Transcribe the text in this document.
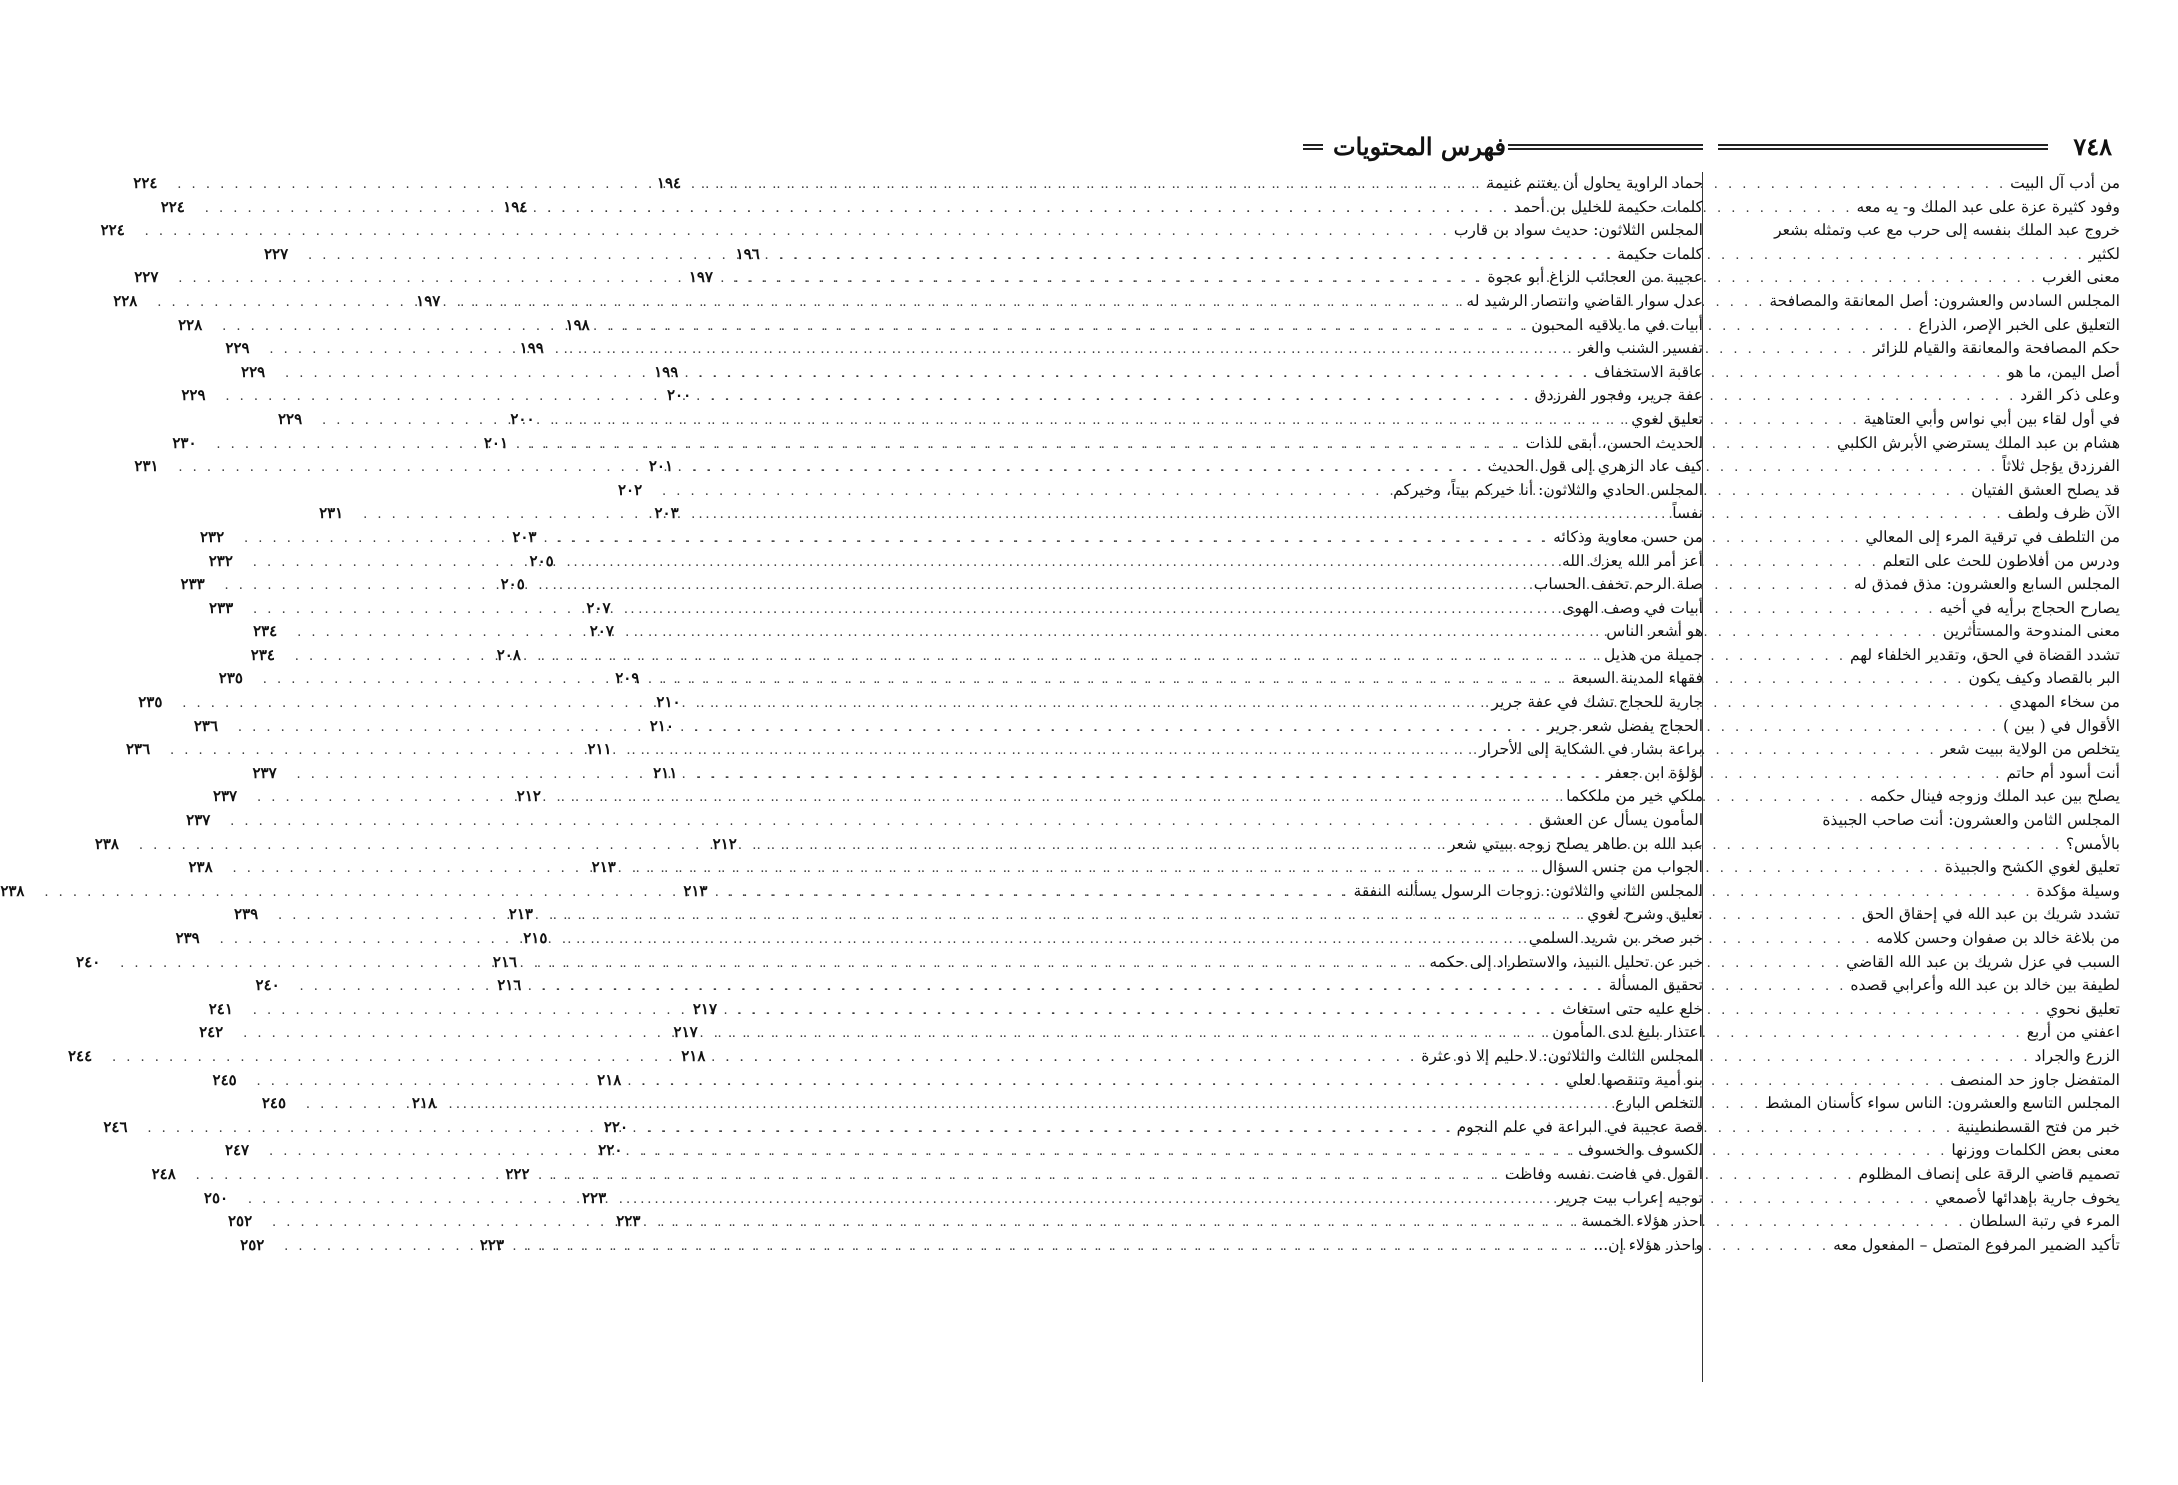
٧٤٨
فهرس المحتويات
من أدب آل البيت
. . .
١٩٤
وفود كثيرة عزة على عبد الملك و- يه معه
. . .
١٩٤
خروج عبد الملك بنفسه إلى حرب مع عب وتمثله بشعر
لكثير
. . .
١٩٦
معنى الغرب
. . .
١٩٧
المجلس السادس والعشرون: أصل المعانقة والمصافحة
. . .
١٩٧
التعليق على الخبر الإصر، الذراع
. . .
١٩٨
حكم المصافحة والمعانقة والقيام للزائر
. . .
١٩٩
أصل اليمن، ما هو
. . .
١٩٩
وعلى ذكر القرد
. . .
٢٠٠
في أول لقاء بين أبي نواس وأبي العتاهية
. . .
٢٠٠
هشام بن عبد الملك يسترضي الأبرش الكلبي
. . .
٢٠١
الفرزدق يؤجل ثلاثاً
. . .
٢٠١
قد يصلح العشق الفتيان
. . .
٢٠٢
الآن ظرف ولطف
. . .
٢٠٣
من التلطف في ترقية المرء إلى المعالي
. . .
٢٠٣
ودرس من أفلاطون للحث على التعلم
. . .
٢٠٥
المجلس السابع والعشرون: مذق فمذق له
. . .
٢٠٥
يصارح الحجاج برأيه في أخيه
. . .
٢٠٧
معنى المندوحة والمستأثرين
. . .
٢٠٧
تشدد القضاة في الحق، وتقدير الخلفاء لهم
. . .
٢٠٨
البر بالقصاد وكيف يكون
. . .
٢٠٩
من سخاء المهدي
. . .
٢١٠
الأقوال في ( بين )
. . .
٢١٠
يتخلص من الولاية ببيت شعر
. . .
٢١١
أنت أسود أم حاتم
. . .
٢١١
يصلح بين عبد الملك وزوجه فينال حكمه
. . .
٢١٢
المجلس الثامن والعشرون: أنت صاحب الجبيذة
بالأمس؟
. . .
٢١٢
تعليق لغوي الكشح والجبيذة
. . .
٢١٣
وسيلة مؤكدة
. . .
٢١٣
تشدد شريك بن عبد الله في إحقاق الحق
. . .
٢١٣
من بلاغة خالد بن صفوان وحسن كلامه
. . .
٢١٥
السبب في عزل شريك بن عبد الله القاضي
. . .
٢١٦
لطيفة بين خالد بن عبد الله وأعرابي قصده
. . .
٢١٦
تعليق نحوي
. . .
٢١٧
اعفني من أربع
. . .
٢١٧
الزرع والجراد
. . .
٢١٨
المتفضل جاوز حد المنصف
. . .
٢١٨
المجلس التاسع والعشرون: الناس سواء كأسنان المشط
. . .
٢١٨
خبر من فتح القسطنطينية
. . .
٢٢٠
معنى بعض الكلمات ووزنها
. . .
٢٢٠
تصميم قاضي الرقة على إنصاف المظلوم
. . .
٢٢٢
يخوف جارية بإهدائها لأصمعي
. . .
٢٢٣
المرء في رتبة السلطان
. . .
٢٢٣
تأكيد الضمير المرفوع المتصل – المفعول معه
. . .
٢٢٣
حماد الراوية يحاول أن يغتنم غنيمة
. . .
٢٢٤
كلمات حكيمة للخليل بن أحمد
. . .
٢٢٤
المجلس الثلاثون: حديث سواد بن قارب
. . .
٢٢٤
كلمات حكيمة
. . .
٢٢٧
عجيبة من العجائب الزاغ أبو عجوة
. . .
٢٢٧
عدل سوار القاضي وانتصار الرشيد له
. . .
٢٢٨
أبيات في ما يلاقيه المحبون
. . .
٢٢٨
تفسير الشنب والغر
. . .
٢٢٩
عاقبة الاستخفاف
. . .
٢٢٩
عفة جرير، وفجور الفرزدق
. . .
٢٢٩
تعليق لغوي
. . .
٢٢٩
الحديث الحسن، أبقى للذات
. . .
٢٣٠
كيف عاد الزهري إلى قول الحديث
. . .
٢٣١
المجلس الحادي والثلاثون: أنا خيركم بيتاً، وخيركم
نفساً
. . .
٢٣١
من حسن معاوية وذكائه
. . .
٢٣٢
أعز أمر الله يعزك الله
. . .
٢٣٢
صلة الرحم تخفف الحساب
. . .
٢٣٣
أبيات في وصف الهوى
. . .
٢٣٣
هو أشعر الناس
. . .
٢٣٤
جميلة من هذيل
. . .
٢٣٤
فقهاء المدينة السبعة
. . .
٢٣٥
جارية للحجاج تشك في عفة جرير
. . .
٢٣٥
الحجاج يفضل شعر جرير
. . .
٢٣٦
براعة بشار في الشكاية إلى الأحرار
. . .
٢٣٦
لؤلؤة ابن جعفر
. . .
٢٣٧
ملكي خير من ملككما
. . .
٢٣٧
المأمون يسأل عن العشق
. . .
٢٣٧
عبد الله بن طاهر يصلح زوجه ببيتي شعر
. . .
٢٣٨
الجواب من جنس السؤال
. . .
٢٣٨
المجلس الثاني والثلاثون: زوجات الرسول يسألنه النفقة
. . .
٢٣٨
تعليق وشرح لغوي
. . .
٢٣٩
خبر صخر بن شريد السلمي
. . .
٢٣٩
خبر عن تحليل النبيذ، والاستطراد إلى حكمه
. . .
٢٤٠
تحقيق المسألة
. . .
٢٤٠
خلع عليه حتى استغاث
. . .
٢٤١
اعتذار بليغ لدى المأمون
. . .
٢٤٢
المجلس الثالث والثلاثون: لا حليم إلا ذو عثرة
. . .
٢٤٤
بنو أمية وتنقصها لعلي
. . .
٢٤٥
التخلص البارع
. . .
٢٤٥
قصة عجيبة في البراعة في علم النجوم
. . .
٢٤٦
الكسوف والخسوف
. . .
٢٤٧
القول في فاضت نفسه وفاظت
. . .
٢٤٨
توجيه إعراب بيت جرير
. . .
٢٥٠
احذر هؤلاء الخمسة
. . .
٢٥٢
واحذر هؤلاء إن...
. . .
٢٥٢
